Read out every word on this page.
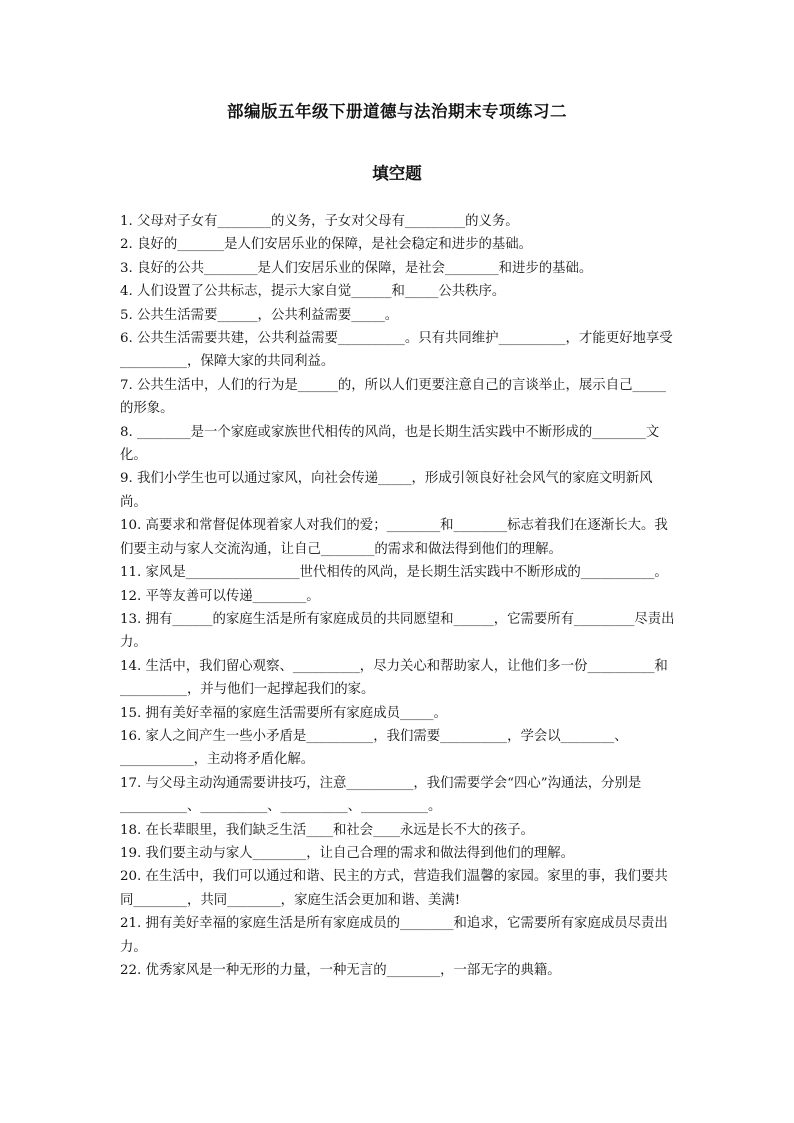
部编版五年级下册道德与法治期末专项练习二
填空题

1. 父母对子女有________的义务，子女对父母有_________的义务。

2. 良好的_______是人们安居乐业的保障，是社会稳定和进步的基础。

3. 良好的公共________是人们安居乐业的保障，是社会________和进步的基础。

4. 人们设置了公共标志，提示大家自觉______和_____公共秩序。

5. 公共生活需要______，公共利益需要_____。

6. 公共生活需要共建，公共利益需要__________。只有共同维护__________，才能更好地享受__________，保障大家的共同利益。

7. 公共生活中，人们的行为是______的，所以人们更要注意自己的言谈举止，展示自己_____的形象。

8. ________是一个家庭或家族世代相传的风尚，也是长期生活实践中不断形成的________文化。

9. 我们小学生也可以通过家风，向社会传递_____，形成引领良好社会风气的家庭文明新风尚。

10. 高要求和常督促体现着家人对我们的爱；________和________标志着我们在逐渐长大。我们要主动与家人交流沟通，让自己________的需求和做法得到他们的理解。

11. 家风是_________________世代相传的风尚，是长期生活实践中不断形成的___________。

12. 平等友善可以传递________。

13. 拥有______的家庭生活是所有家庭成员的共同愿望和______，它需要所有_________尽责出力。

14. 生活中，我们留心观察、__________，尽力关心和帮助家人，让他们多一份__________和__________，并与他们一起撑起我们的家。

15. 拥有美好幸福的家庭生活需要所有家庭成员_____。

16. 家人之间产生一些小矛盾是__________，我们需要__________，学会以________、___________，主动将矛盾化解。

17. 与父母主动沟通需要讲技巧，注意__________，我们需要学会“四心”沟通法，分别是__________、__________、__________、__________。

18. 在长辈眼里，我们缺乏生活____和社会____永远是长不大的孩子。

19. 我们要主动与家人________，让自己合理的需求和做法得到他们的理解。

20. 在生活中，我们可以通过和谐、民主的方式，营造我们温馨的家园。家里的事，我们要共同________，共同________，家庭生活会更加和谐、美满!

21. 拥有美好幸福的家庭生活是所有家庭成员的________和追求，它需要所有家庭成员尽责出力。

22. 优秀家风是一种无形的力量，一种无言的________，一部无字的典籍。
